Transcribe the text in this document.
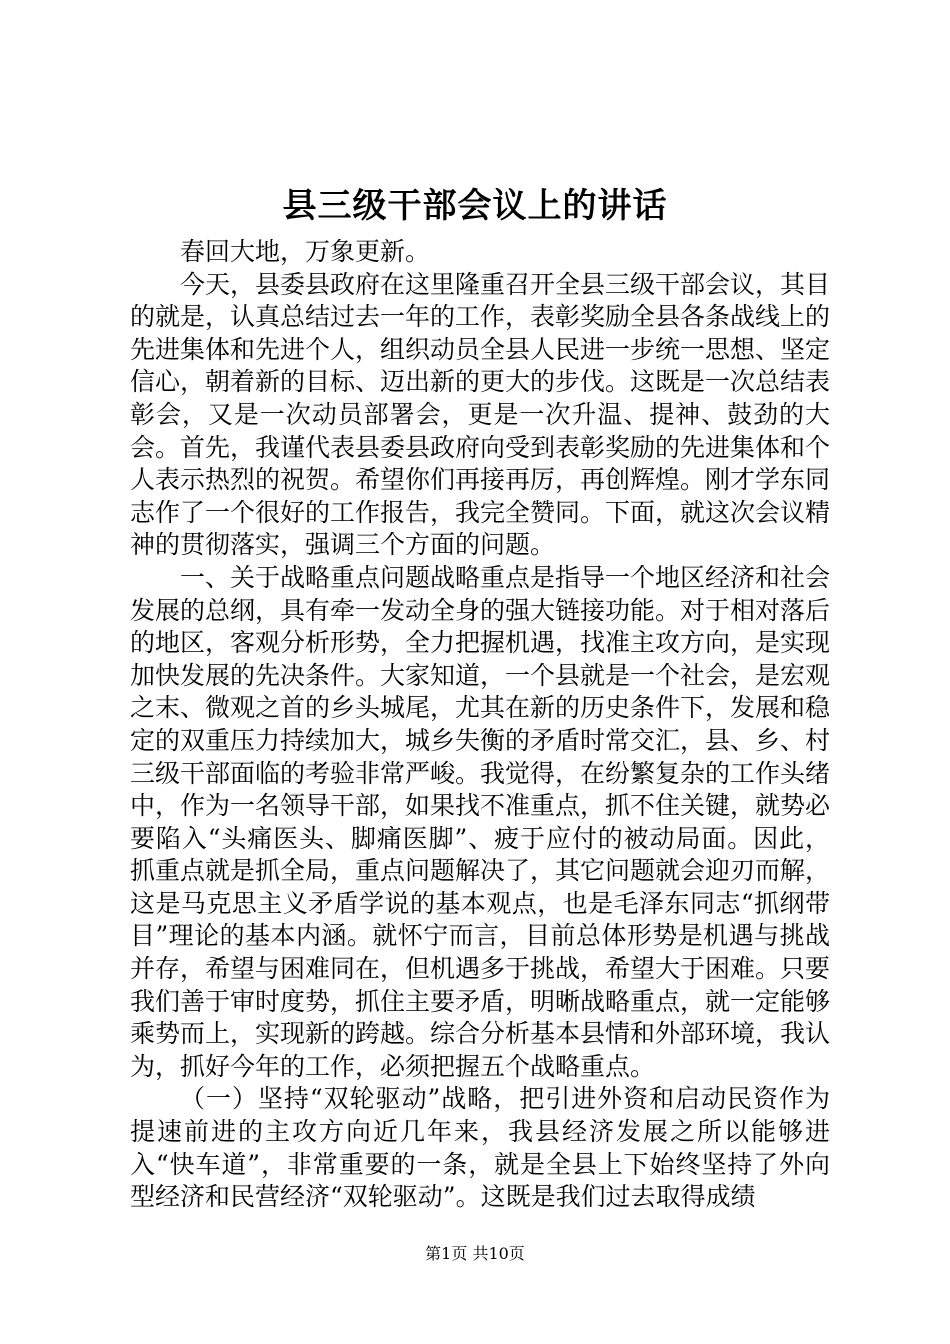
县三级干部会议上的讲话

春回大地，万象更新。

今天，县委县政府在这里隆重召开全县三级干部会议，其目的就是，认真总结过去一年的工作，表彰奖励全县各条战线上的先进集体和先进个人，组织动员全县人民进一步统一思想、坚定信心，朝着新的目标、迈出新的更大的步伐。这既是一次总结表彰会，又是一次动员部署会，更是一次升温、提神、鼓劲的大会。首先，我谨代表县委县政府向受到表彰奖励的先进集体和个人表示热烈的祝贺。希望你们再接再厉，再创辉煌。刚才学东同志作了一个很好的工作报告，我完全赞同。下面，就这次会议精神的贯彻落实，强调三个方面的问题。

一、关于战略重点问题战略重点是指导一个地区经济和社会发展的总纲，具有牵一发动全身的强大链接功能。对于相对落后的地区，客观分析形势，全力把握机遇，找准主攻方向，是实现加快发展的先决条件。大家知道，一个县就是一个社会，是宏观之末、微观之首的乡头城尾，尤其在新的历史条件下，发展和稳定的双重压力持续加大，城乡失衡的矛盾时常交汇，县、乡、村三级干部面临的考验非常严峻。我觉得，在纷繁复杂的工作头绪中，作为一名领导干部，如果找不准重点，抓不住关键，就势必要陷入“头痛医头、脚痛医脚”、疲于应付的被动局面。因此，抓重点就是抓全局，重点问题解决了，其它问题就会迎刃而解，这是马克思主义矛盾学说的基本观点，也是毛泽东同志“抓纲带目”理论的基本内涵。就怀宁而言，目前总体形势是机遇与挑战并存，希望与困难同在，但机遇多于挑战，希望大于困难。只要我们善于审时度势，抓住主要矛盾，明晰战略重点，就一定能够乘势而上，实现新的跨越。综合分析基本县情和外部环境，我认为，抓好今年的工作，必须把握五个战略重点。

（一）坚持“双轮驱动”战略，把引进外资和启动民资作为提速前进的主攻方向近几年来，我县经济发展之所以能够进入“快车道”，非常重要的一条，就是全县上下始终坚持了外向型经济和民营经济“双轮驱动”。这既是我们过去取得成绩

第1页 共10页
